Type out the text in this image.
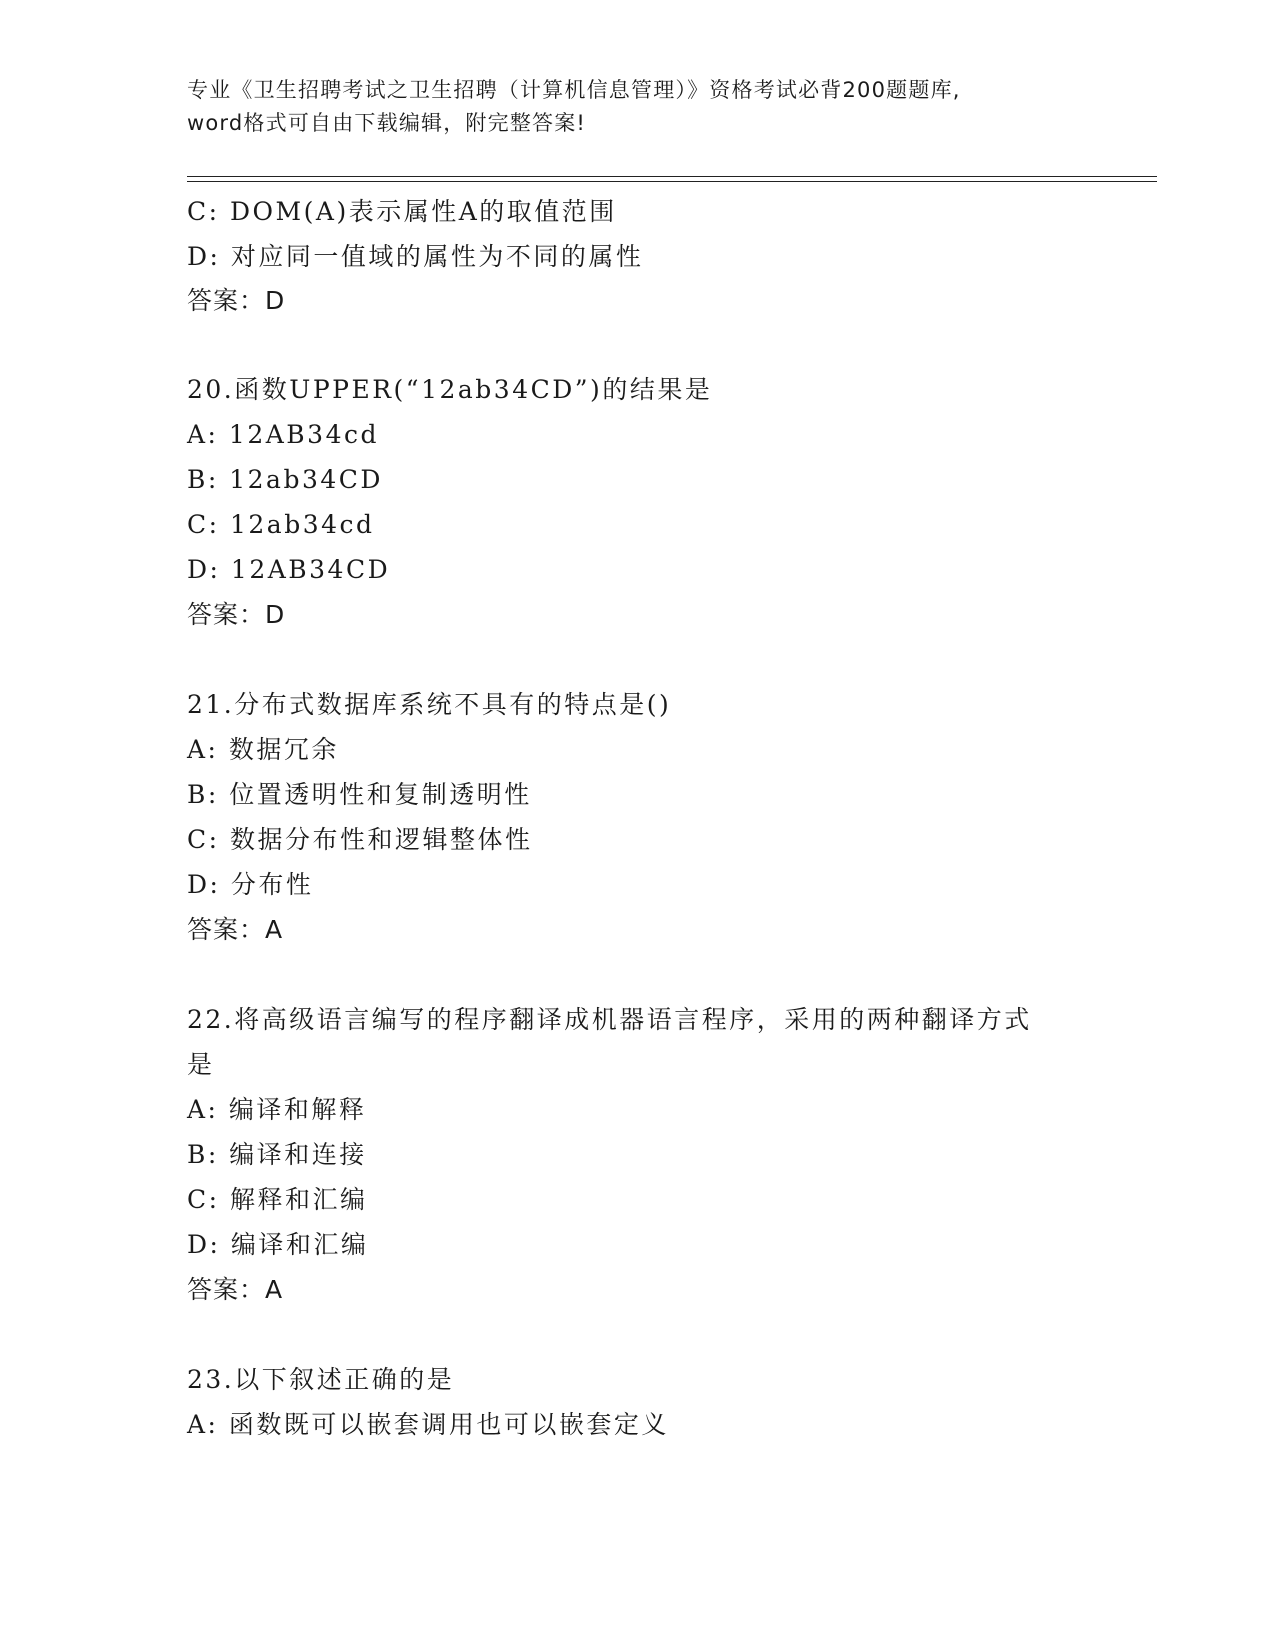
专业《卫生招聘考试之卫生招聘（计算机信息管理）》资格考试必背200题题库,
word格式可自由下载编辑，附完整答案!
C: DOM(A)表示属性A的取值范围
D: 对应同一值域的属性为不同的属性
答案：D
20.函数UPPER(“12ab34CD”)的结果是
A: 12AB34cd
B: 12ab34CD
C: 12ab34cd
D: 12AB34CD
答案：D
21.分布式数据库系统不具有的特点是()
A: 数据冗余
B: 位置透明性和复制透明性
C: 数据分布性和逻辑整体性
D: 分布性
答案：A
22.将高级语言编写的程序翻译成机器语言程序，采用的两种翻译方式
是
A: 编译和解释
B: 编译和连接
C: 解释和汇编
D: 编译和汇编
答案：A
23.以下叙述正确的是
A: 函数既可以嵌套调用也可以嵌套定义
